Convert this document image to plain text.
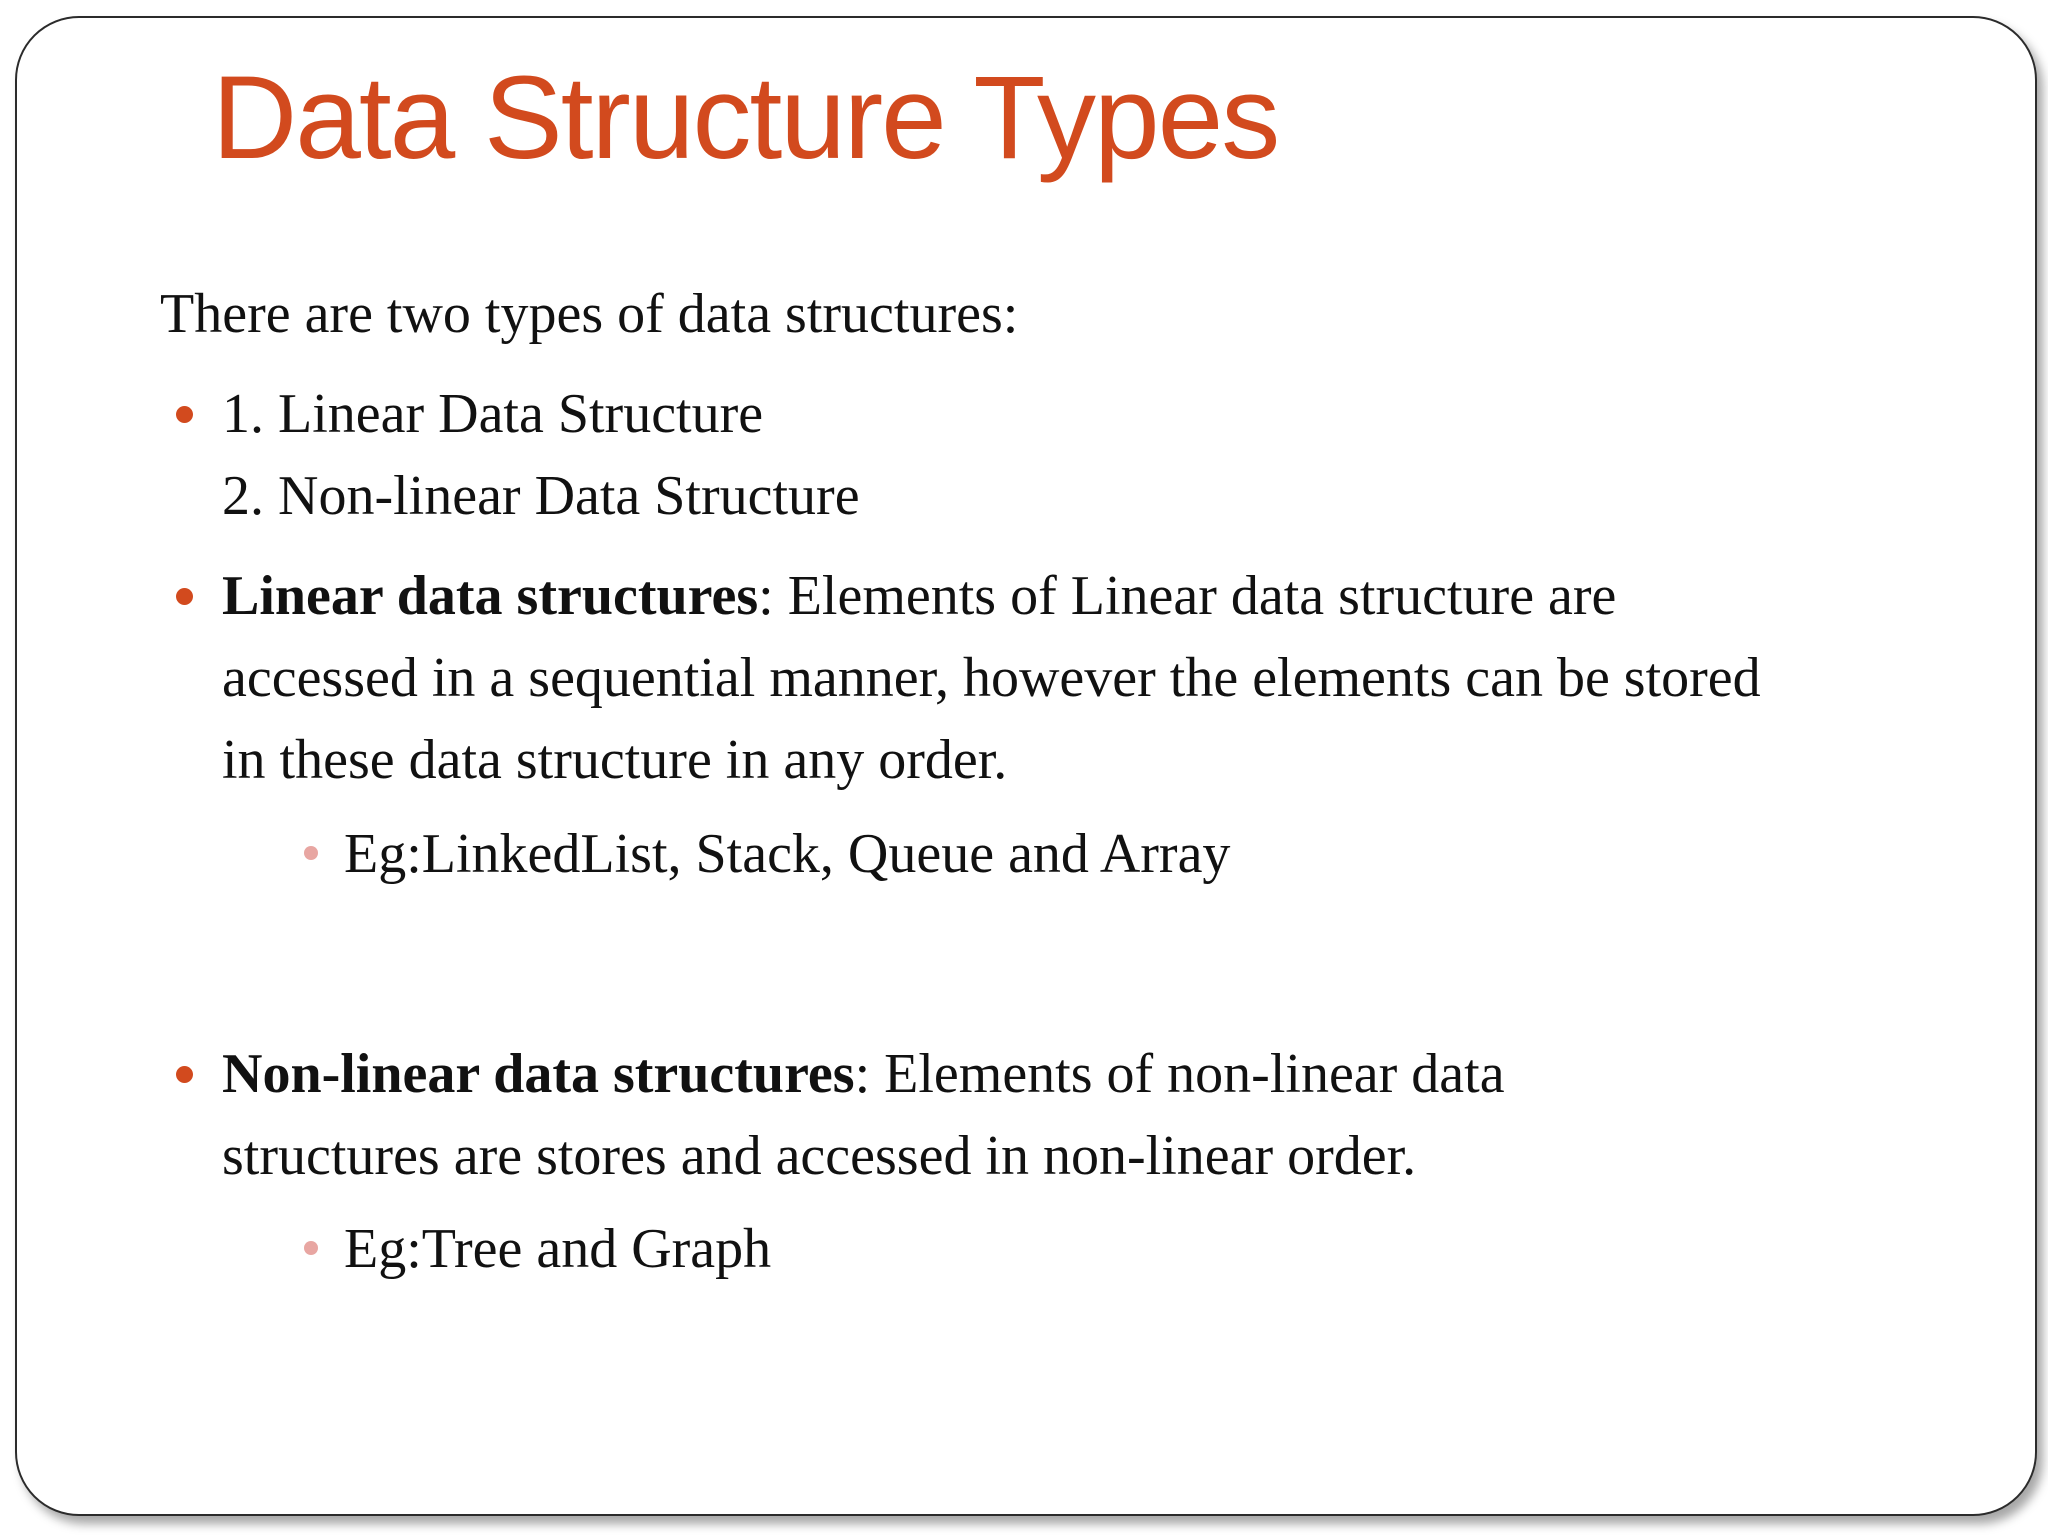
Data Structure Types
There are two types of data structures:
1. Linear Data Structure
2. Non-linear Data Structure
Linear data structures: Elements of Linear data structure are
accessed in a sequential manner, however the elements can be stored
in these data structure in any order.
Eg:LinkedList, Stack, Queue and Array
Non-linear data structures: Elements of non-linear data
structures are stores and accessed in non-linear order.
Eg:Tree and Graph
